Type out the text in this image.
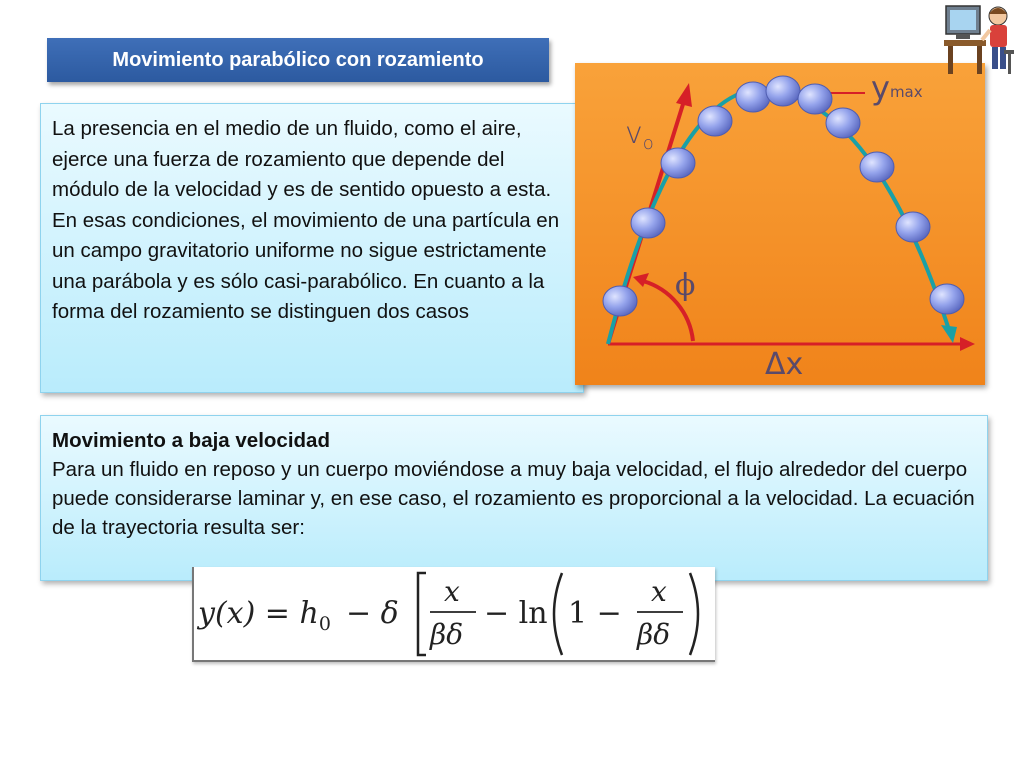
Movimiento parabólico con rozamiento
La presencia en el medio de un fluido, como el aire, ejerce una fuerza de rozamiento que depende del módulo de la velocidad y es de sentido opuesto a esta. En esas condiciones, el movimiento de una partícula en un campo gravitatorio uniforme no sigue estrictamente una parábola y es sólo casi-parabólico. En cuanto a la forma del rozamiento se distinguen dos casos
$v_o$
ymax
ϕ
Δx
Movimiento a baja velocidad
Para un fluido en reposo y un cuerpo moviéndose a muy baja velocidad, el flujo alrededor del cuerpo puede considerarse laminar y, en ese caso, el rozamiento es proporcional a la velocidad. La ecuación de la trayectoria resulta ser:
$y(x) = h_0 - \delta$
x
βδ
− ln 1 −
x
βδ
